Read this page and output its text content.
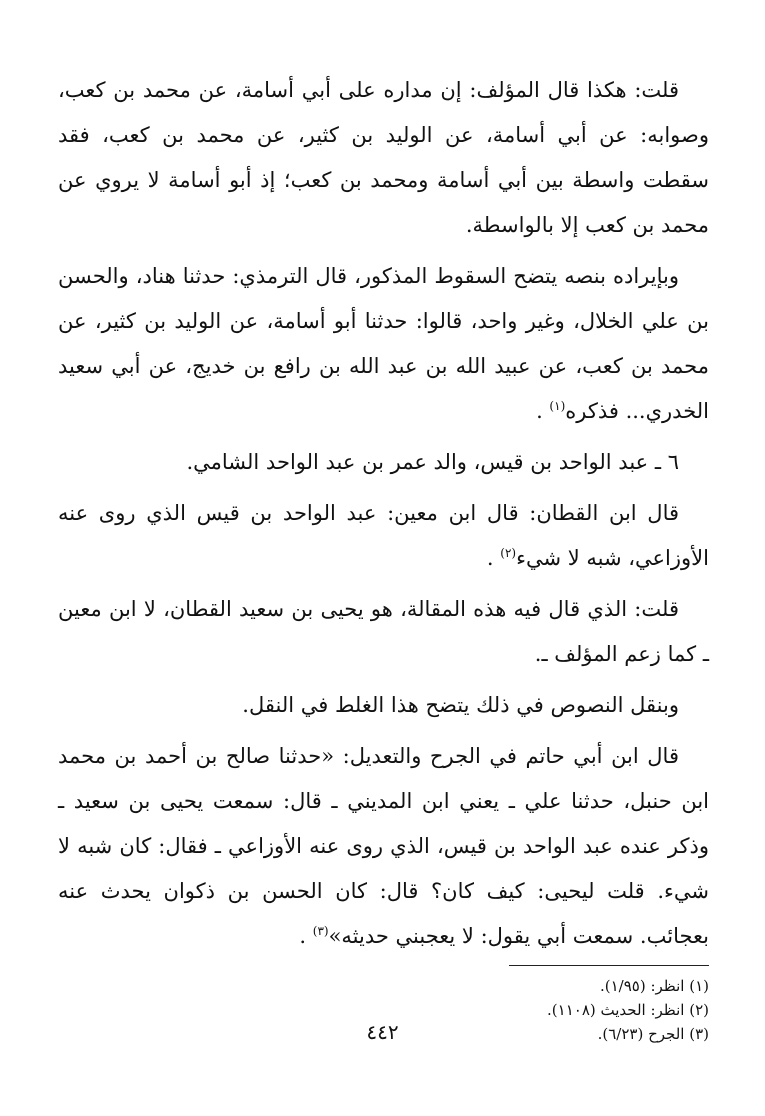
قلت: هكذا قال المؤلف: إن مداره على أبي أسامة، عن محمد بن كعب، وصوابه: عن أبي أسامة، عن الوليد بن كثير، عن محمد بن كعب، فقد سقطت واسطة بين أبي أسامة ومحمد بن كعب؛ إذ أبو أسامة لا يروي عن محمد بن كعب إلا بالواسطة.

وبإيراده بنصه يتضح السقوط المذكور، قال الترمذي: حدثنا هناد، والحسن بن علي الخلال، وغير واحد، قالوا: حدثنا أبو أسامة، عن الوليد بن كثير، عن محمد بن كعب، عن عبيد الله بن عبد الله بن رافع بن خديج، عن أبي سعيد الخدري... فذكره$^{(١)}$ .

٦ ـ عبد الواحد بن قيس، والد عمر بن عبد الواحد الشامي.

قال ابن القطان: قال ابن معين: عبد الواحد بن قيس الذي روى عنه الأوزاعي، شبه لا شيء$^{(٢)}$ .

قلت: الذي قال فيه هذه المقالة، هو يحيى بن سعيد القطان، لا ابن معين ـ كما زعم المؤلف ـ.

وبنقل النصوص في ذلك يتضح هذا الغلط في النقل.

قال ابن أبي حاتم في الجرح والتعديل: «حدثنا صالح بن أحمد بن محمد ابن حنبل، حدثنا علي ـ يعني ابن المديني ـ قال: سمعت يحيى بن سعيد ـ وذكر عنده عبد الواحد بن قيس، الذي روى عنه الأوزاعي ـ فقال: كان شبه لا شيء. قلت ليحيى: كيف كان؟ قال: كان الحسن بن ذكوان يحدث عنه بعجائب. سمعت أبي يقول: لا يعجبني حديثه»$^{(٣)}$ .

(١) انظر: (١/٩٥).

(٢) انظر: الحديث (١١٠٨).

(٣) الجرح (٦/٢٣).

٤٤٢
